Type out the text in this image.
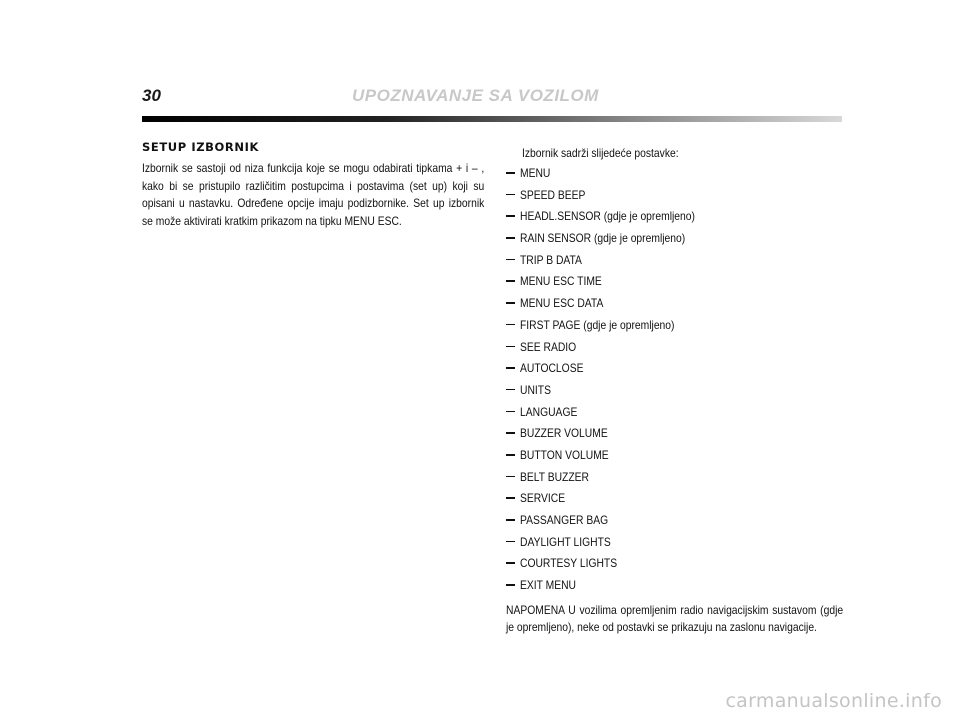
30	UPOZNAVANJE SA VOZILOM
SETUP IZBORNIK

Izbornik se sastoji od niza funkcija koje se mogu odabirati tipkama + i – , kako bi se pristupilo različitim postupcima i postavima (set up) koji su opisani u nastavku. Određene opcije imaju podizbornike. Set up izbornik se može aktivirati kratkim prikazom na tipku MENU ESC.

Izbornik sadrži slijedeće postavke:

MENU
SPEED BEEP
HEADL.SENSOR (gdje je opremljeno)
RAIN SENSOR (gdje je opremljeno)
TRIP B DATA
MENU ESC TIME
MENU ESC DATA
FIRST PAGE (gdje je opremljeno)
SEE RADIO
AUTOCLOSE
UNITS
LANGUAGE
BUZZER VOLUME
BUTTON VOLUME
BELT BUZZER
SERVICE
PASSANGER BAG
DAYLIGHT LIGHTS
COURTESY LIGHTS
EXIT MENU

NAPOMENA U vozilima opremljenim radio navigacijskim sustavom (gdje je opremljeno), neke od postavki se prikazuju na zaslonu navigacije.

carmanualsonline.info
